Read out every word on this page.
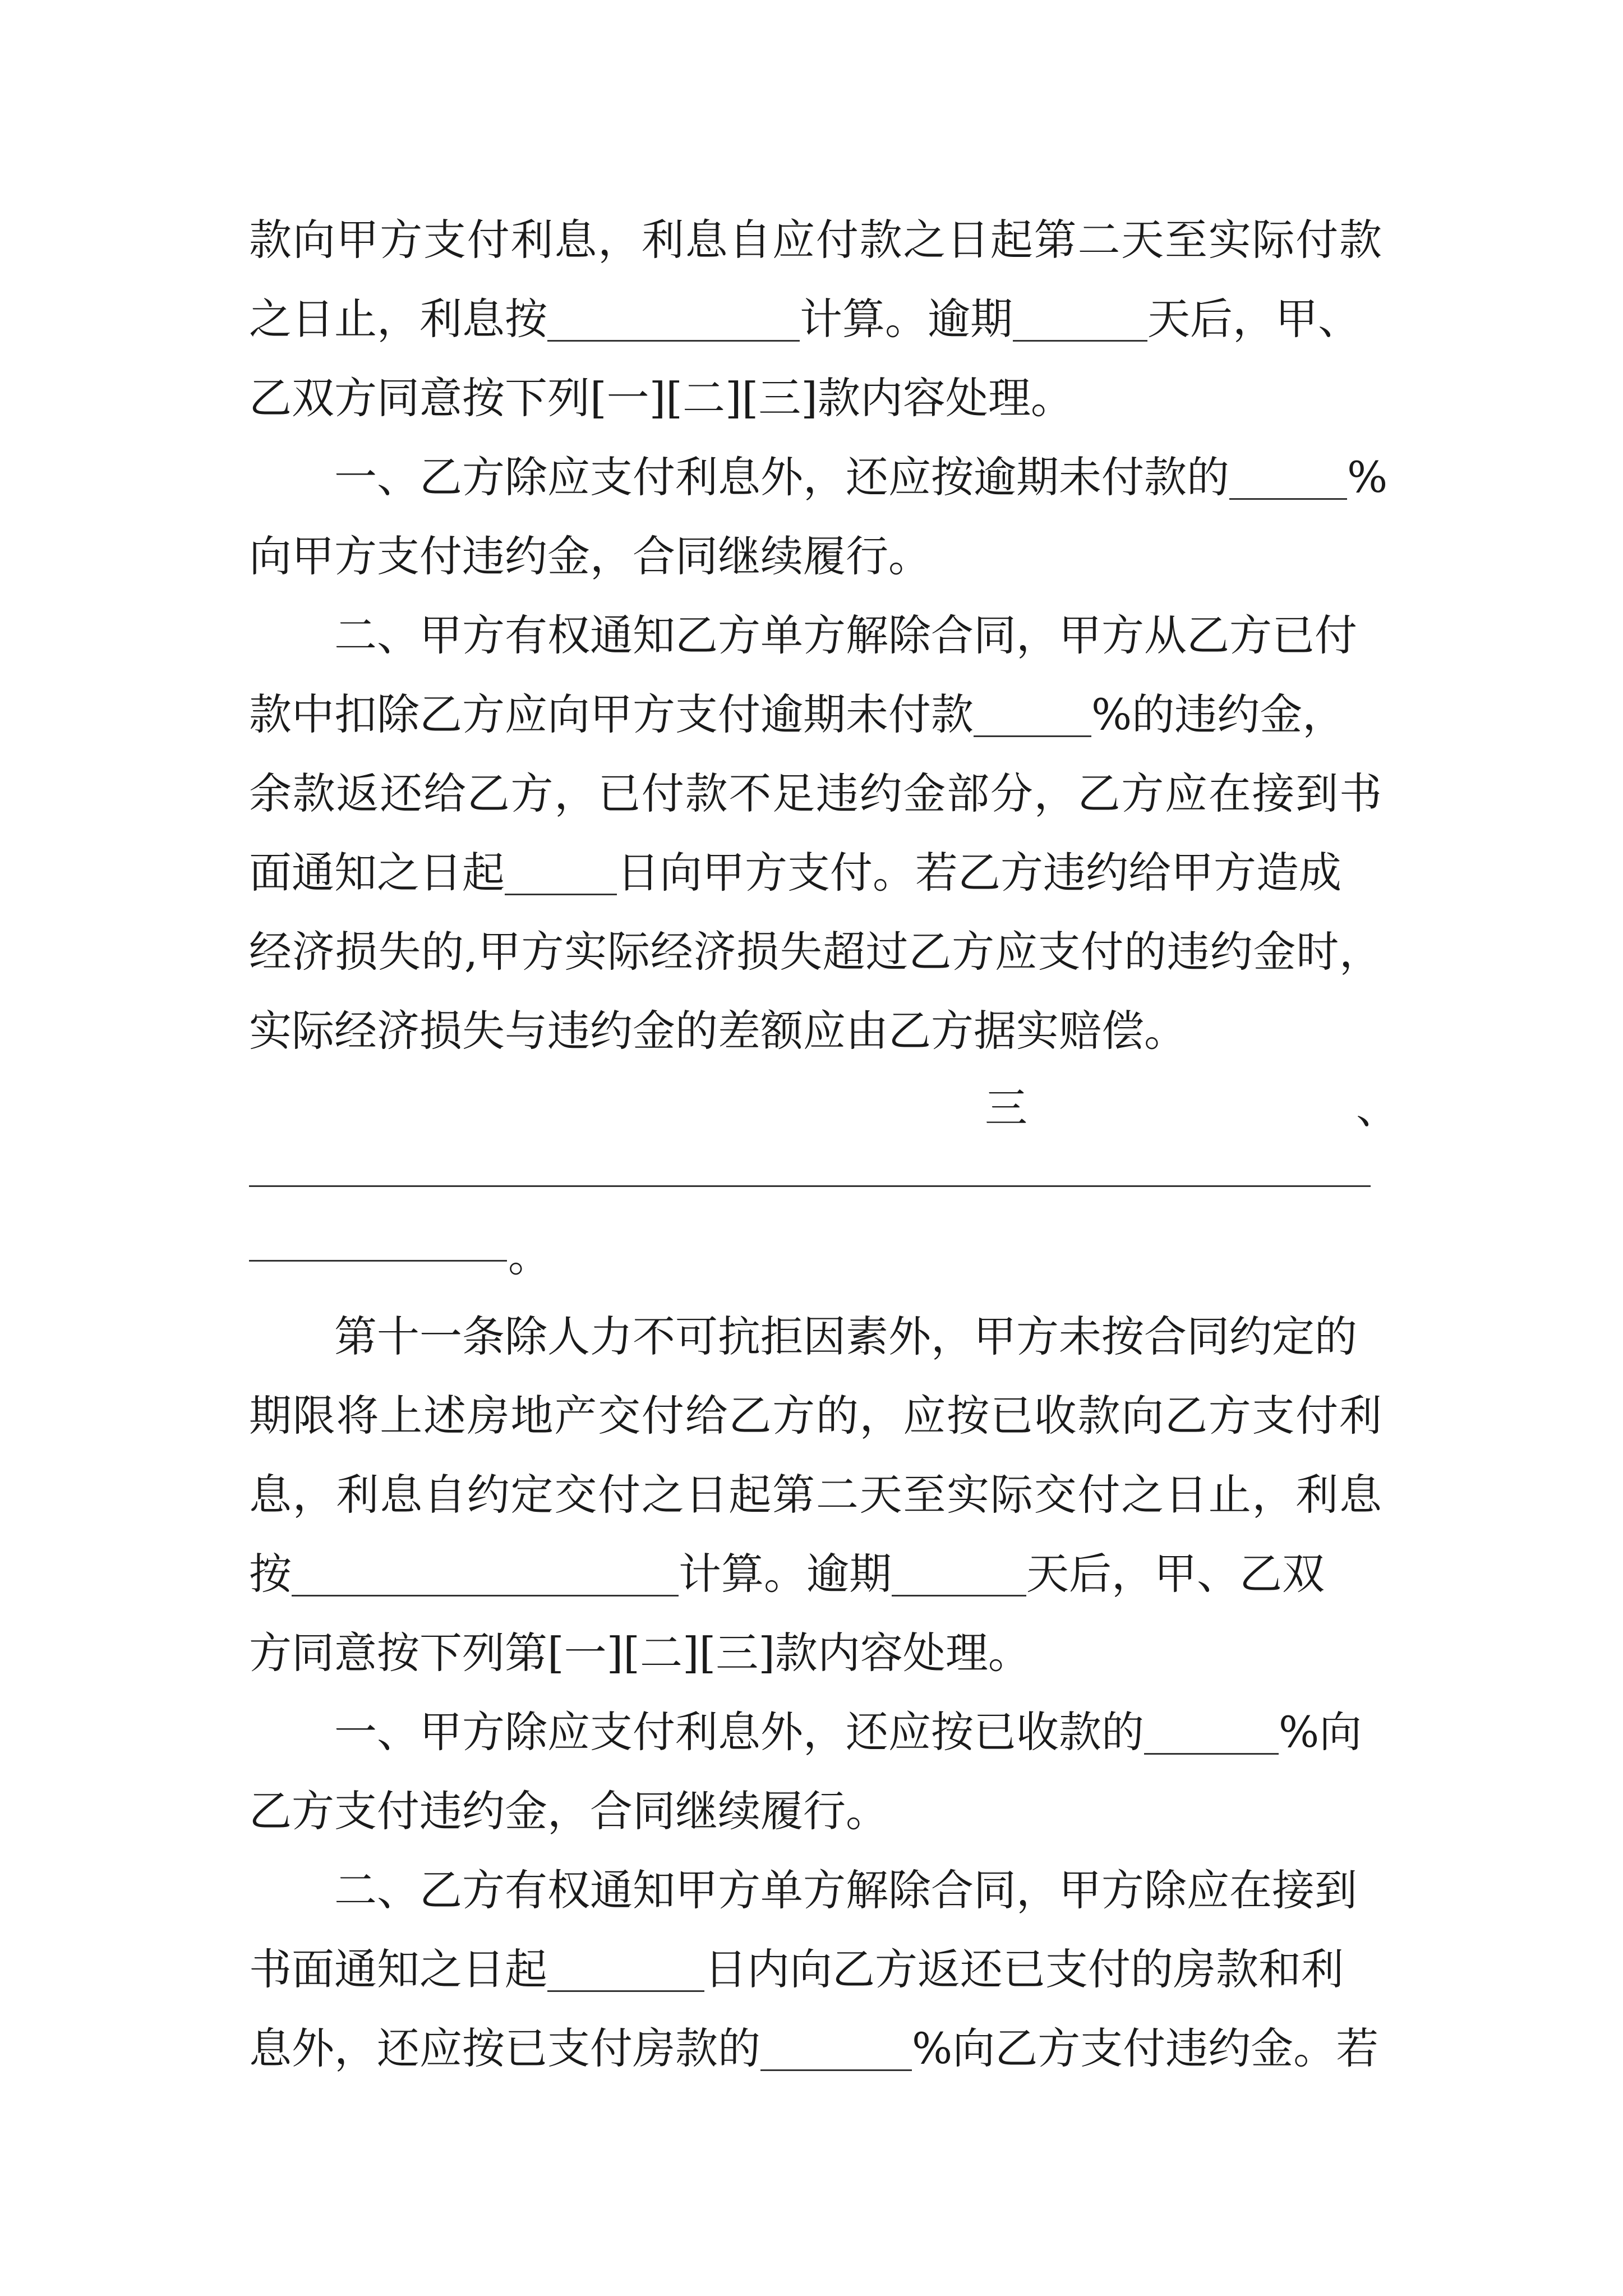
款向甲方支付利息，利息自应付款之日起第二天至实际付款
之日止，利息按	计算。逾期	天后，甲、
乙双方同意按下列[一][二][三]款内容处理。
一、乙方除应支付利息外，还应按逾期未付款的	%
向甲方支付违约金，合同继续履行。
二、甲方有权通知乙方单方解除合同，甲方从乙方已付
款中扣除乙方应向甲方支付逾期未付款	%的违约金，
余款返还给乙方，已付款不足违约金部分，乙方应在接到书
面通知之日起	日向甲方支付。若乙方违约给甲方造成
经济损失的,甲方实际经济损失超过乙方应支付的违约金时，
实际经济损失与违约金的差额应由乙方据实赔偿。
三	、
。
第十一条除人力不可抗拒因素外，甲方未按合同约定的
期限将上述房地产交付给乙方的，应按已收款向乙方支付利
息，利息自约定交付之日起第二天至实际交付之日止，利息
按	计算。逾期	天后，甲、乙双
方同意按下列第[一][二][三]款内容处理。
一、甲方除应支付利息外，还应按已收款的	%向
乙方支付违约金，合同继续履行。
二、乙方有权通知甲方单方解除合同，甲方除应在接到
书面通知之日起	日内向乙方返还已支付的房款和利
息外，还应按已支付房款的	%向乙方支付违约金。若
